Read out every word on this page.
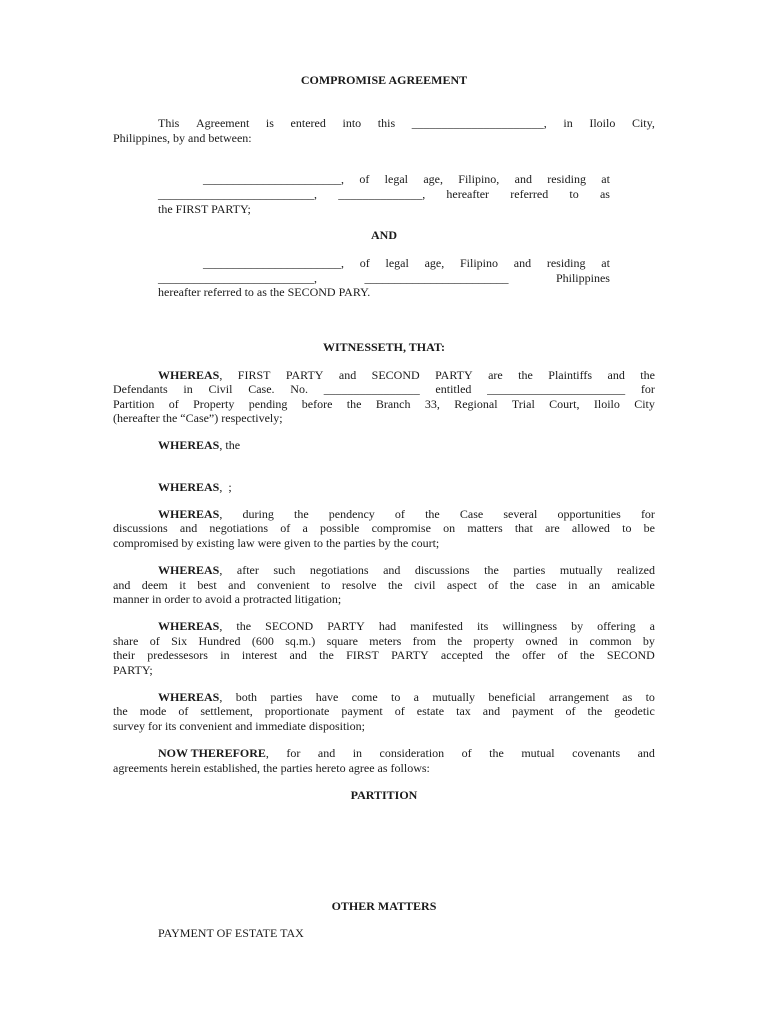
COMPROMISE AGREEMENT
This Agreement is entered into this ______________________, in Iloilo City,
Philippines, by and between:
_______________________, of legal age, Filipino, and residing at
__________________________, ______________, hereafter referred to as
the FIRST PARTY;
AND
_______________________, of legal age, Filipino and residing at
__________________________,	________________________	Philippines
hereafter referred to as the SECOND PARY.
WITNESSETH, THAT:
WHEREAS, FIRST PARTY and SECOND PARTY are the Plaintiffs and the
Defendants in Civil Case. No. ________________ entitled _______________________ for
Partition of Property pending before the Branch 33, Regional Trial Court, Iloilo City
(hereafter the “Case”) respectively;
WHEREAS, the
WHEREAS,  ;
WHEREAS, during the pendency of the Case several opportunities for
discussions and negotiations of a possible compromise on matters that are allowed to be
compromised by existing law were given to the parties by the court;
WHEREAS, after such negotiations and discussions the parties mutually realized
and deem it best and convenient to resolve the civil aspect of the case in an amicable
manner in order to avoid a protracted litigation;
WHEREAS, the SECOND PARTY had manifested its willingness by offering a
share of Six Hundred (600 sq.m.) square meters from the property owned in common by
their predessesors in interest and the FIRST PARTY accepted the offer of the SECOND
PARTY;
WHEREAS, both parties have come to a mutually beneficial arrangement as to
the mode of settlement, proportionate payment of estate tax and payment of the geodetic
survey for its convenient and immediate disposition;
NOW THEREFORE, for and in consideration of the mutual covenants and
agreements herein established, the parties hereto agree as follows:
PARTITION
OTHER MATTERS
PAYMENT OF ESTATE TAX
